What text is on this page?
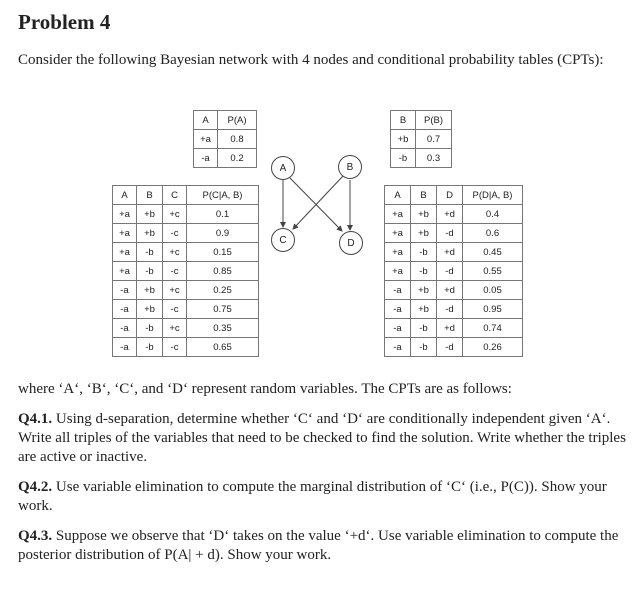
Problem 4
Consider the following Bayesian network with 4 nodes and conditional probability tables (CPTs):
A	P(A)
+a	0.8
-a	0.2
B	P(B)
+b	0.7
-b	0.3
A	B	C	P(C|A, B)
+a	+b	+c	0.1
+a	+b	-c	0.9
+a	-b	+c	0.15
+a	-b	-c	0.85
-a	+b	+c	0.25
-a	+b	-c	0.75
-a	-b	+c	0.35
-a	-b	-c	0.65
A	B	D	P(D|A, B)
+a	+b	+d	0.4
+a	+b	-d	0.6
+a	-b	+d	0.45
+a	-b	-d	0.55
-a	+b	+d	0.05
-a	+b	-d	0.95
-a	-b	+d	0.74
-a	-b	-d	0.26
A	B
C	D
where ‘A‘, ‘B‘, ‘C‘, and ‘D‘ represent random variables. The CPTs are as follows:
Q4.1. Using d-separation, determine whether ‘C‘ and ‘D‘ are conditionally independent given ‘A‘. Write all triples of the variables that need to be checked to find the solution. Write whether the triples are active or inactive.
Q4.2. Use variable elimination to compute the marginal distribution of ‘C‘ (i.e., P(C)). Show your work.
Q4.3. Suppose we observe that ‘D‘ takes on the value ‘+d‘. Use variable elimination to compute the posterior distribution of P(A| + d). Show your work.
